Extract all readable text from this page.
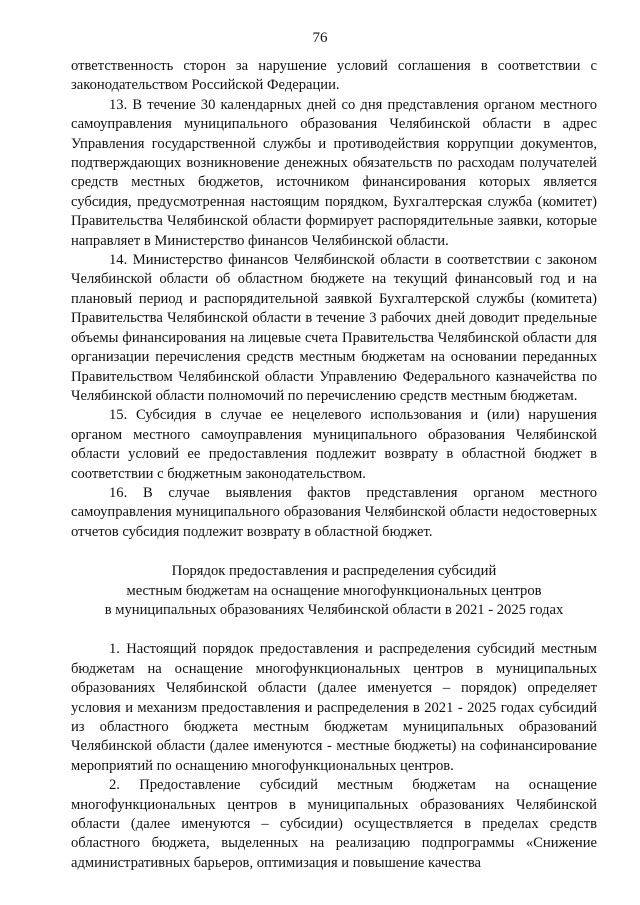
76

ответственность сторон за нарушение условий соглашения в соответствии с законодательством Российской Федерации.

13. В течение 30 календарных дней со дня представления органом местного самоуправления муниципального образования Челябинской области в адрес Управления государственной службы и противодействия коррупции документов, подтверждающих возникновение денежных обязательств по расходам получателей средств местных бюджетов, источником финансирования которых является субсидия, предусмотренная настоящим порядком, Бухгалтерская служба (комитет) Правительства Челябинской области формирует распорядительные заявки, которые направляет в Министерство финансов Челябинской области.

14. Министерство финансов Челябинской области в соответствии с законом Челябинской области об областном бюджете на текущий финансовый год и на плановый период и распорядительной заявкой Бухгалтерской службы (комитета) Правительства Челябинской области в течение 3 рабочих дней доводит предельные объемы финансирования на лицевые счета Правительства Челябинской области для организации перечисления средств местным бюджетам на основании переданных Правительством Челябинской области Управлению Федерального казначейства по Челябинской области полномочий по перечислению средств местным бюджетам.

15. Субсидия в случае ее нецелевого использования и (или) нарушения органом местного самоуправления муниципального образования Челябинской области условий ее предоставления подлежит возврату в областной бюджет в соответствии с бюджетным законодательством.

16. В случае выявления фактов представления органом местного самоуправления муниципального образования Челябинской области недостоверных отчетов субсидия подлежит возврату в областной бюджет.

Порядок предоставления и распределения субсидий
местным бюджетам на оснащение многофункциональных центров
в муниципальных образованиях Челябинской области в 2021 - 2025 годах

1. Настоящий порядок предоставления и распределения субсидий местным бюджетам на оснащение многофункциональных центров в муниципальных образованиях Челябинской области (далее именуется – порядок) определяет условия и механизм предоставления и распределения в 2021 - 2025 годах субсидий из областного бюджета местным бюджетам муниципальных образований Челябинской области (далее именуются - местные бюджеты) на софинансирование мероприятий по оснащению многофункциональных центров.

2. Предоставление субсидий местным бюджетам на оснащение многофункциональных центров в муниципальных образованиях Челябинской области (далее именуются – субсидии) осуществляется в пределах средств областного бюджета, выделенных на реализацию подпрограммы «Снижение административных барьеров, оптимизация и повышение качества
